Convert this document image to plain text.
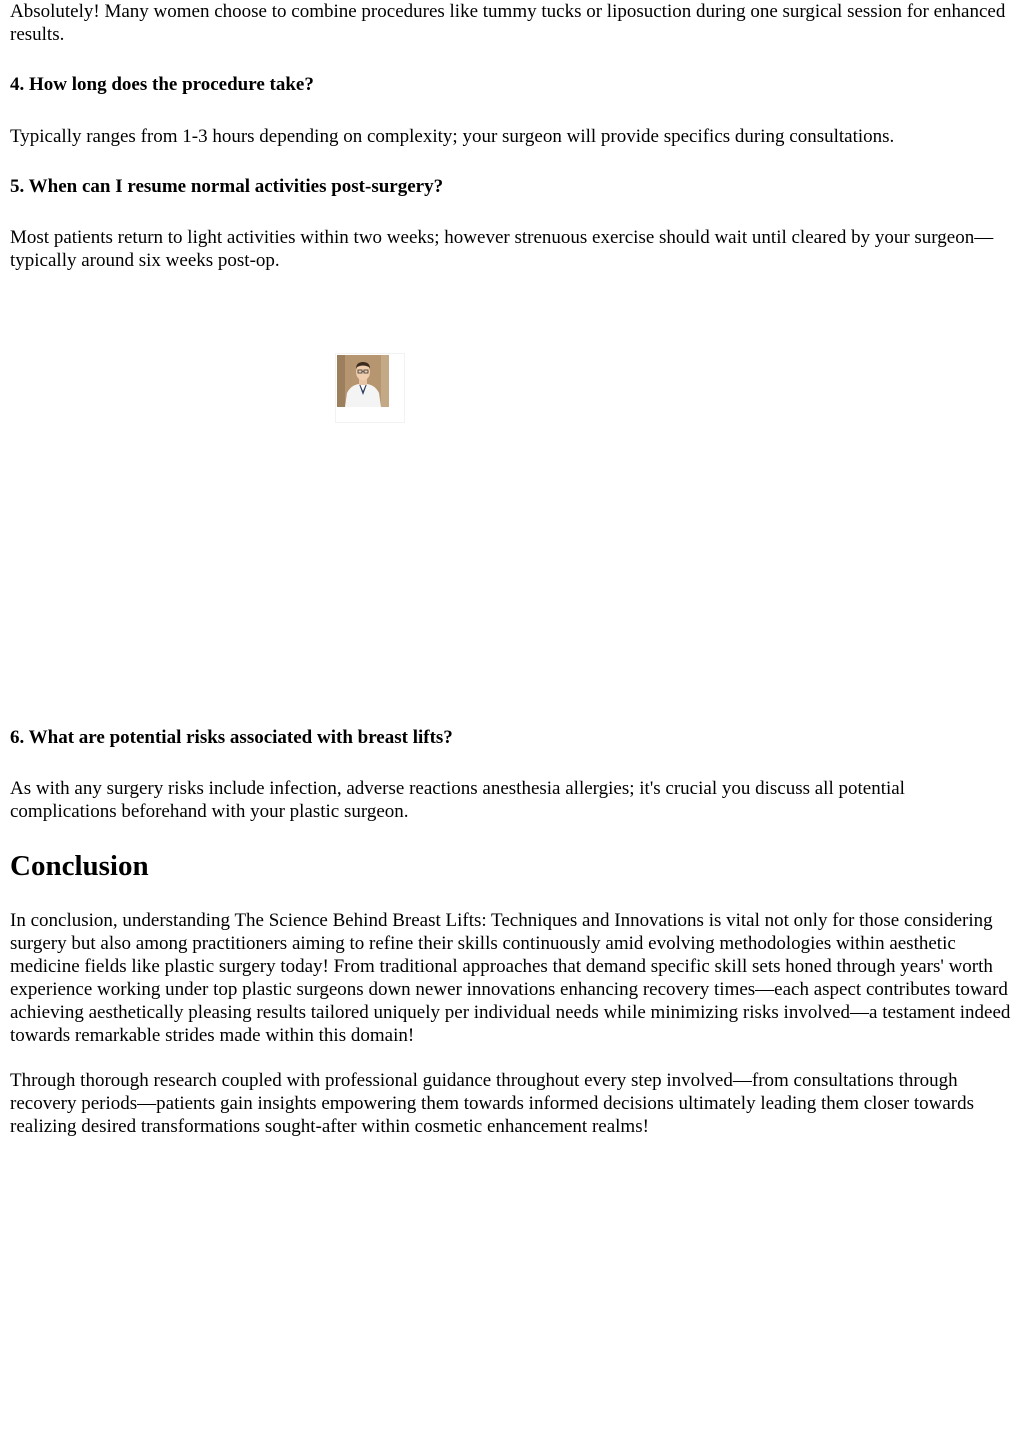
Absolutely! Many women choose to combine procedures like tummy tucks or liposuction during one surgical session for enhanced results.

4. How long does the procedure take?

Typically ranges from 1-3 hours depending on complexity; your surgeon will provide specifics during consultations.

5. When can I resume normal activities post-surgery?

Most patients return to light activities within two weeks; however strenuous exercise should wait until cleared by your surgeon—typically around six weeks post-op.

6. What are potential risks associated with breast lifts?

As with any surgery risks include infection, adverse reactions anesthesia allergies; it's crucial you discuss all potential complications beforehand with your plastic surgeon.

Conclusion

In conclusion, understanding The Science Behind Breast Lifts: Techniques and Innovations is vital not only for those considering surgery but also among practitioners aiming to refine their skills continuously amid evolving methodologies within aesthetic medicine fields like plastic surgery today! From traditional approaches that demand specific skill sets honed through years' worth experience working under top plastic surgeons down newer innovations enhancing recovery times—each aspect contributes toward achieving aesthetically pleasing results tailored uniquely per individual needs while minimizing risks involved—a testament indeed towards remarkable strides made within this domain!

Through thorough research coupled with professional guidance throughout every step involved—from consultations through recovery periods—patients gain insights empowering them towards informed decisions ultimately leading them closer towards realizing desired transformations sought-after within cosmetic enhancement realms!
